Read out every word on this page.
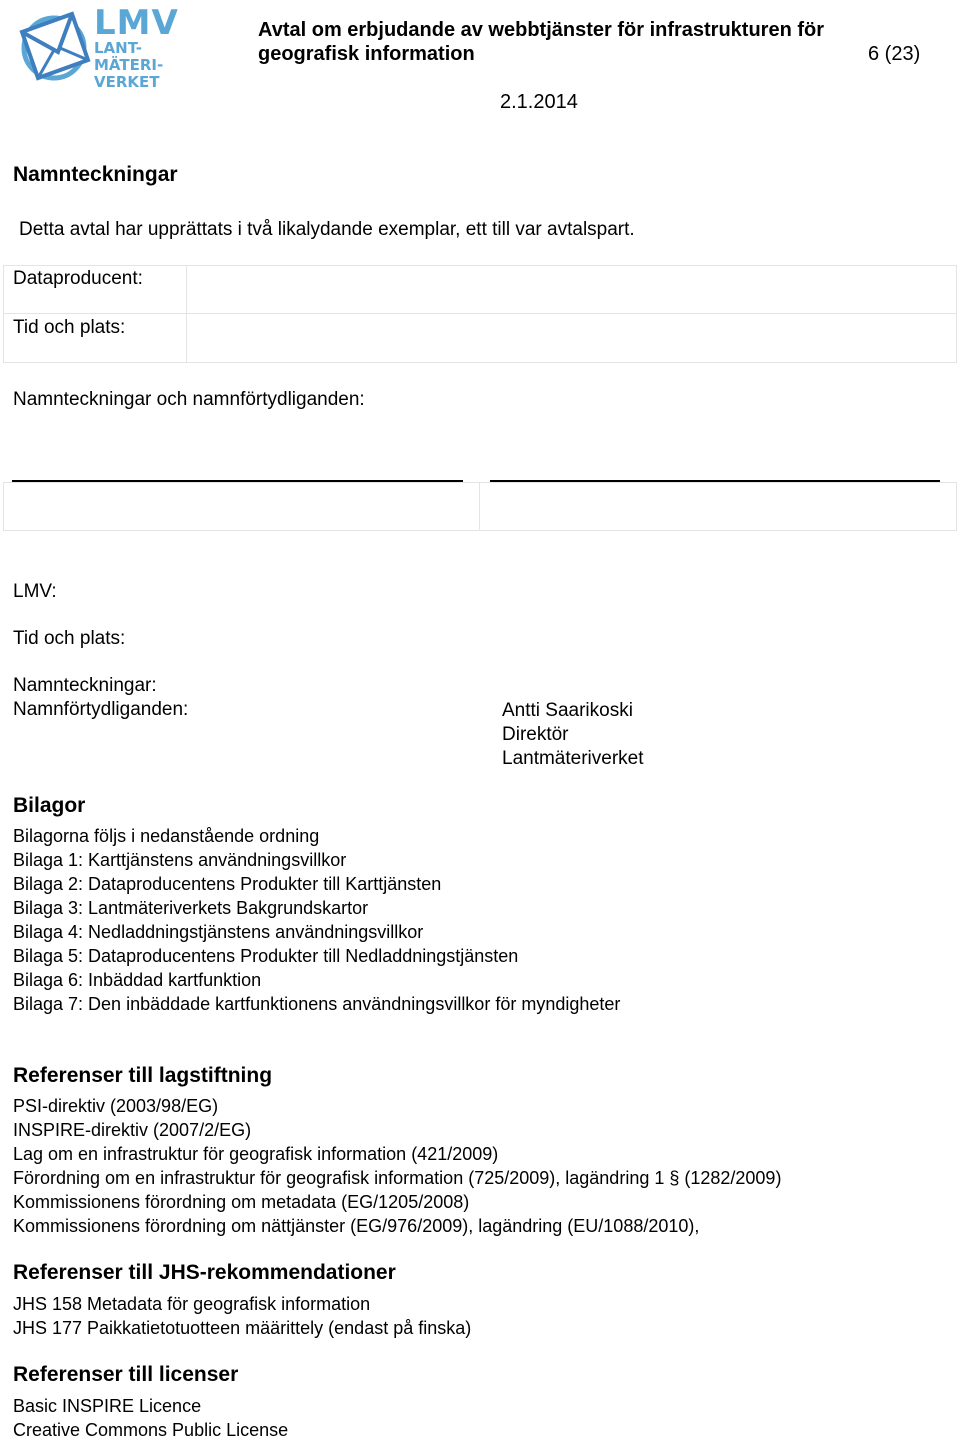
LMV
LANT-
MÄTERI-
VERKET
Avtal om erbjudande av webbtjänster för infrastrukturen för
geografisk information	6 (23)
2.1.2014
Namnteckningar
Detta avtal har upprättats i två likalydande exemplar, ett till var avtalspart.
Dataproducent:
Tid och plats:
Namnteckningar och namnförtydliganden:
LMV:
Tid och plats:
Namnteckningar:
Namnförtydliganden:	Antti Saarikoski
Direktör
Lantmäteriverket
Bilagor
Bilagorna följs i nedanstående ordning
Bilaga 1: Karttjänstens användningsvillkor
Bilaga 2: Dataproducentens Produkter till Karttjänsten
Bilaga 3: Lantmäteriverkets Bakgrundskartor
Bilaga 4: Nedladdningstjänstens användningsvillkor
Bilaga 5: Dataproducentens Produkter till Nedladdningstjänsten
Bilaga 6: Inbäddad kartfunktion
Bilaga 7: Den inbäddade kartfunktionens användningsvillkor för myndigheter
Referenser till lagstiftning
PSI-direktiv (2003/98/EG)
INSPIRE-direktiv (2007/2/EG)
Lag om en infrastruktur för geografisk information (421/2009)
Förordning om en infrastruktur för geografisk information (725/2009), lagändring 1 § (1282/2009)
Kommissionens förordning om metadata (EG/1205/2008)
Kommissionens förordning om nättjänster (EG/976/2009), lagändring (EU/1088/2010),
Referenser till JHS-rekommendationer
JHS 158 Metadata för geografisk information
JHS 177 Paikkatietotuotteen määrittely (endast på finska)
Referenser till licenser
Basic INSPIRE Licence
Creative Commons Public License
